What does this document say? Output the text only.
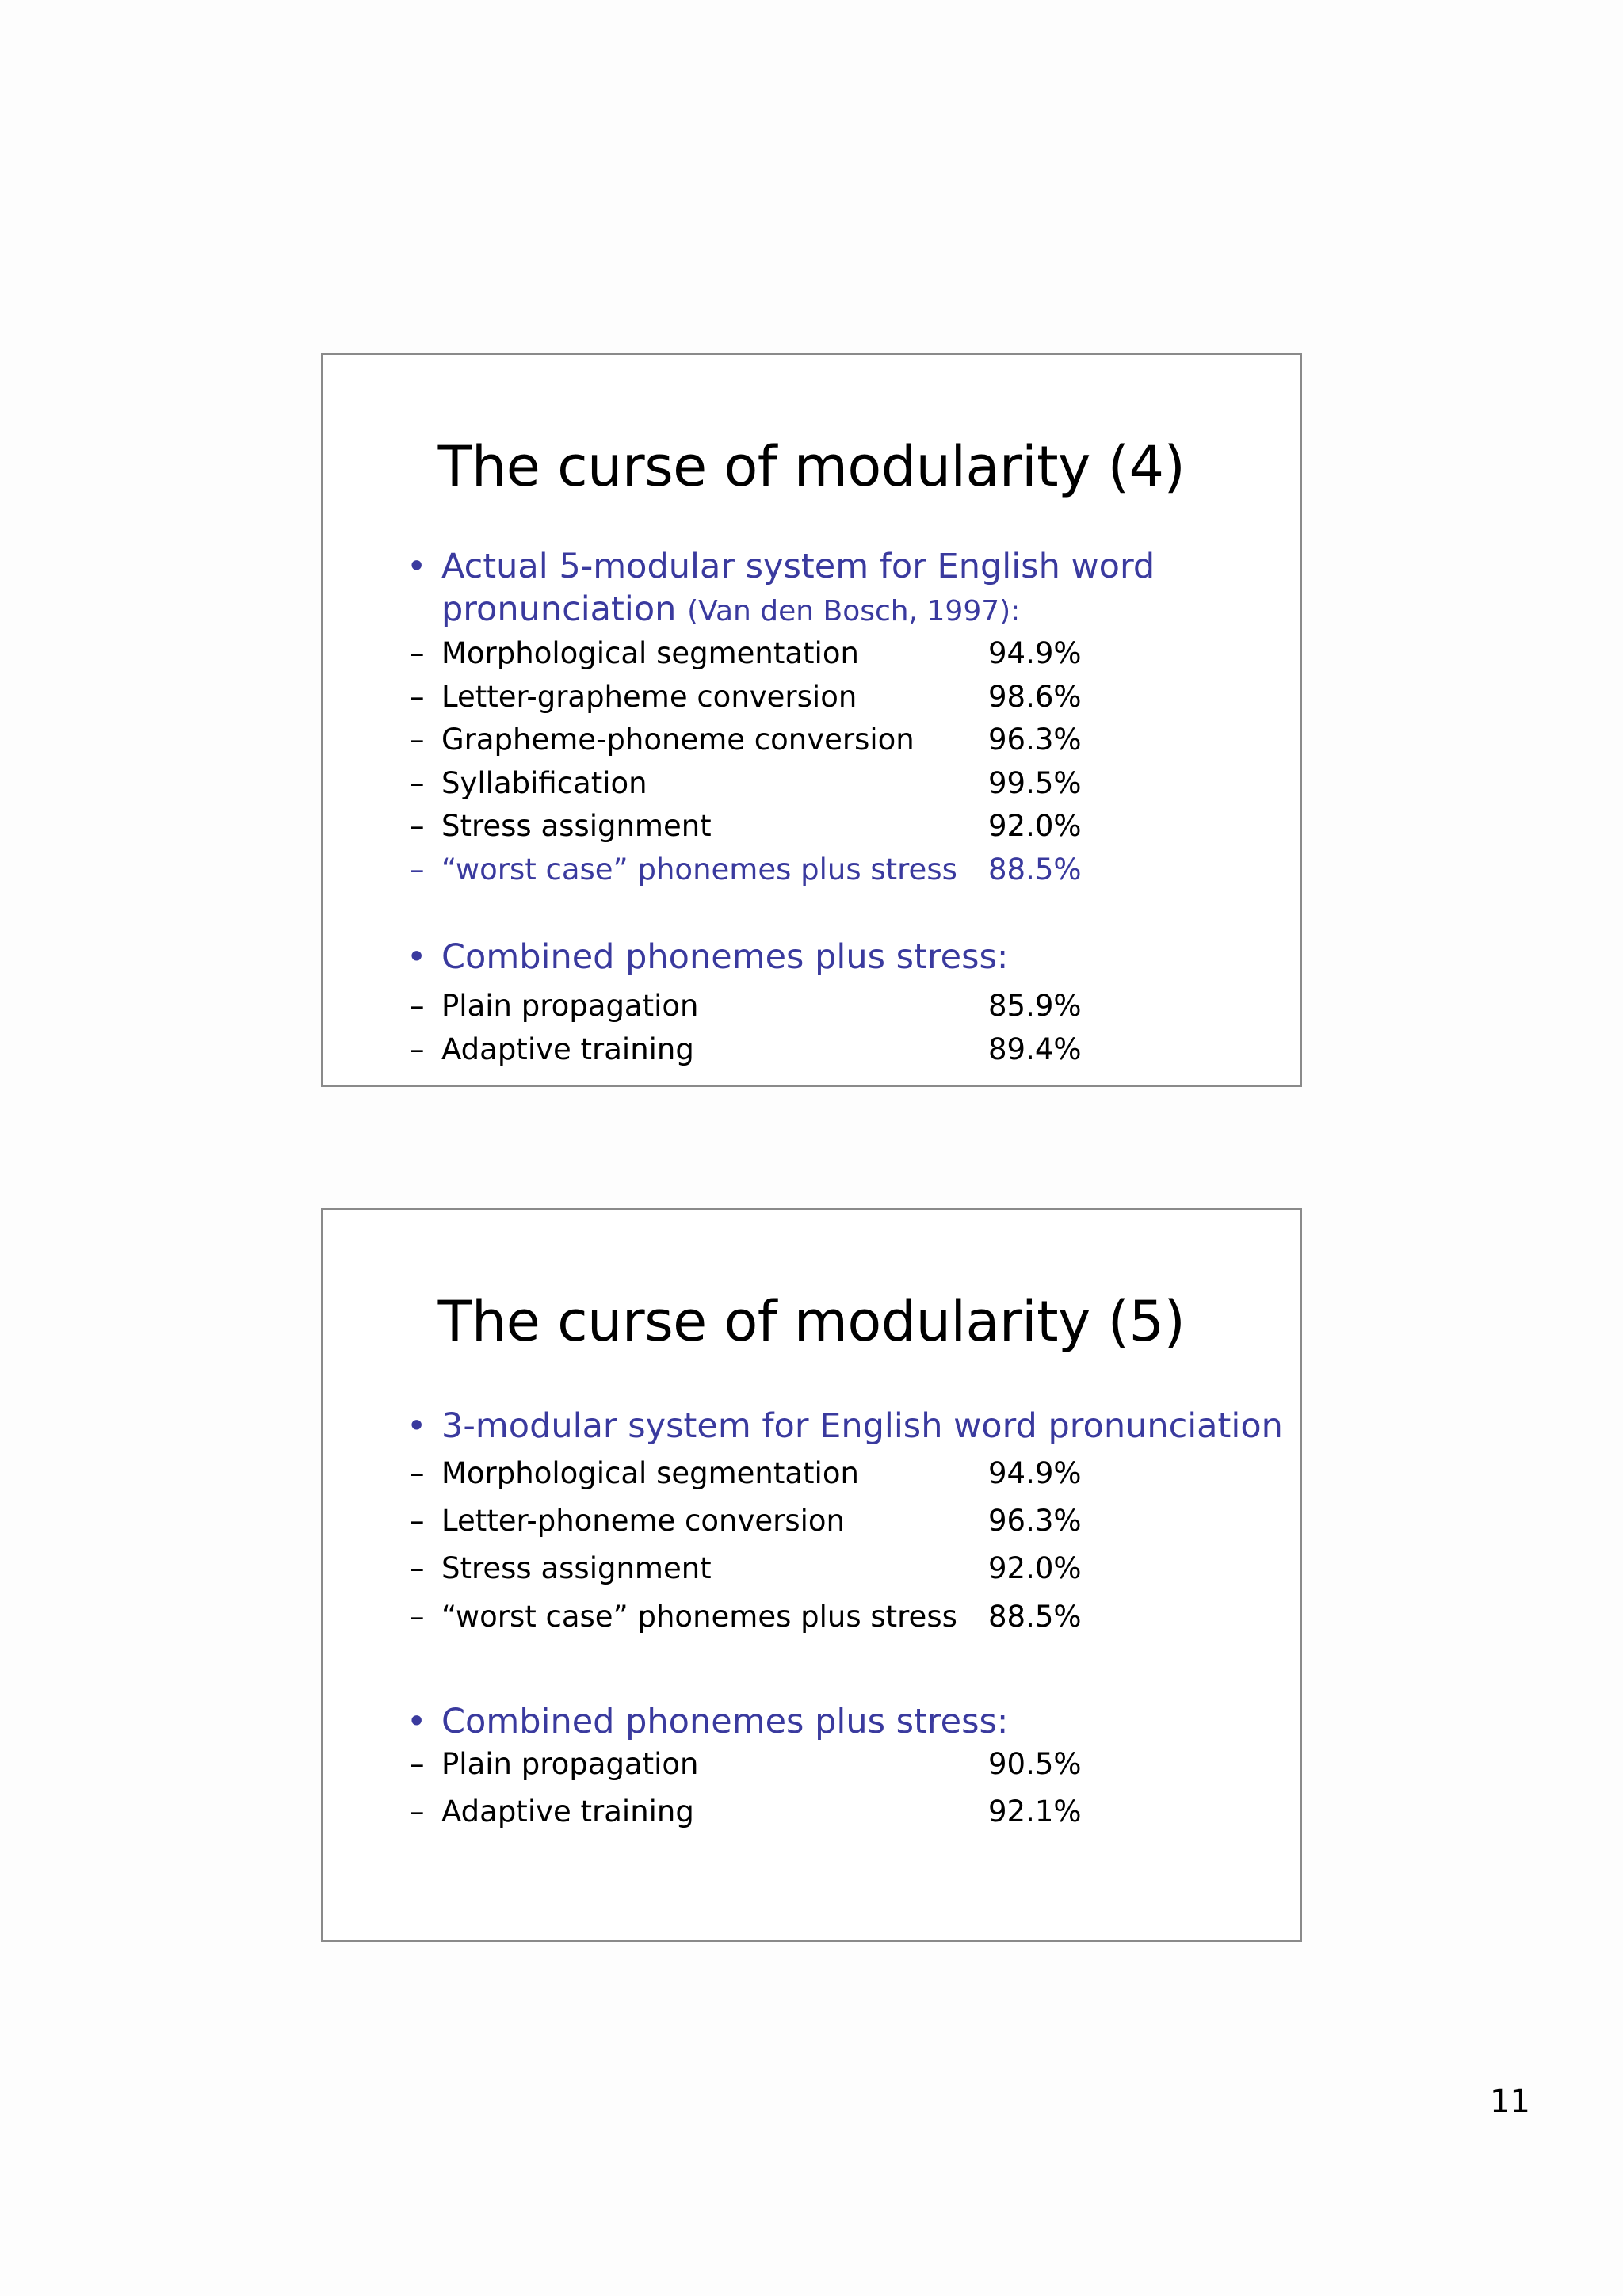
The curse of modularity (4)
• Actual 5-modular system for English word
pronunciation (Van den Bosch, 1997):
– Morphological segmentation	94.9%
– Letter-grapheme conversion	98.6%
– Grapheme-phoneme conversion	96.3%
– Syllabification	99.5%
– Stress assignment	92.0%
– “worst case” phonemes plus stress 88.5%
• Combined phonemes plus stress:
– Plain propagation	85.9%
– Adaptive training	89.4%
The curse of modularity (5)
• 3-modular system for English word pronunciation
– Morphological segmentation	94.9%
– Letter-phoneme conversion	96.3%
– Stress assignment	92.0%
– “worst case” phonemes plus stress 88.5%
• Combined phonemes plus stress:
– Plain propagation	90.5%
– Adaptive training	92.1%
11
